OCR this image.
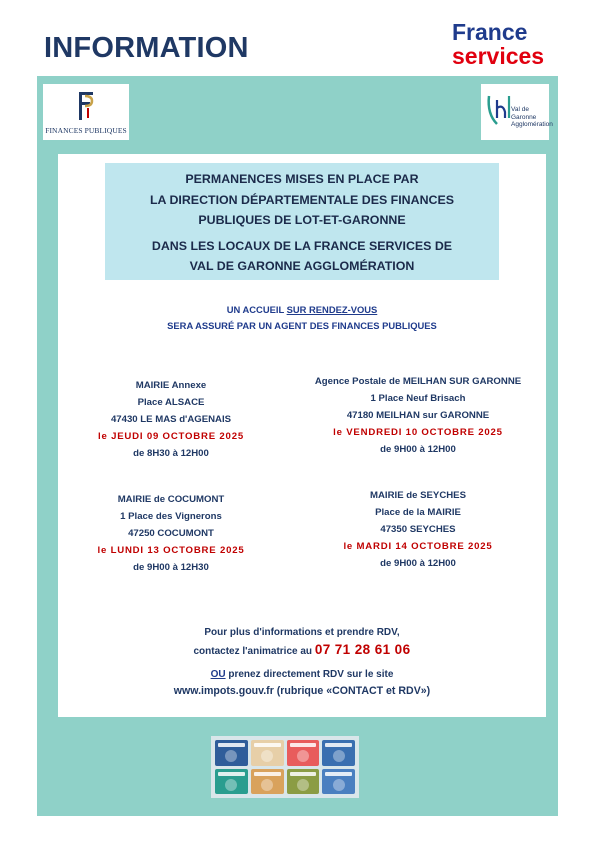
INFORMATION	France
services
FINANCES PUBLIQUES
Val de
Garonne
Agglomération
PERMANENCES MISES EN PLACE PAR
LA DIRECTION DÉPARTEMENTALE DES FINANCES
PUBLIQUES DE LOT-ET-GARONNE
DANS LES LOCAUX DE LA FRANCE SERVICES DE
VAL DE GARONNE AGGLOMÉRATION
UN ACCUEIL SUR RENDEZ-VOUS
SERA ASSURÉ PAR UN AGENT DES FINANCES PUBLIQUES
MAIRIE Annexe
Place ALSACE
47430 LE MAS d'AGENAIS
le JEUDI 09 OCTOBRE 2025
de 8H30 à 12H00
Agence Postale de MEILHAN SUR GARONNE
1 Place Neuf Brisach
47180 MEILHAN sur GARONNE
le VENDREDI 10 OCTOBRE 2025
de 9H00 à 12H00
MAIRIE de COCUMONT
1 Place des Vignerons
47250 COCUMONT
le LUNDI 13 OCTOBRE 2025
de 9H00 à 12H30
MAIRIE de SEYCHES
Place de la MAIRIE
47350 SEYCHES
le MARDI 14 OCTOBRE 2025
de 9H00 à 12H00
Pour plus d'informations et prendre RDV,
contactez l'animatrice au 07 71 28 61 06
OU prenez directement RDV sur le site
www.impots.gouv.fr (rubrique «CONTACT et RDV»)
